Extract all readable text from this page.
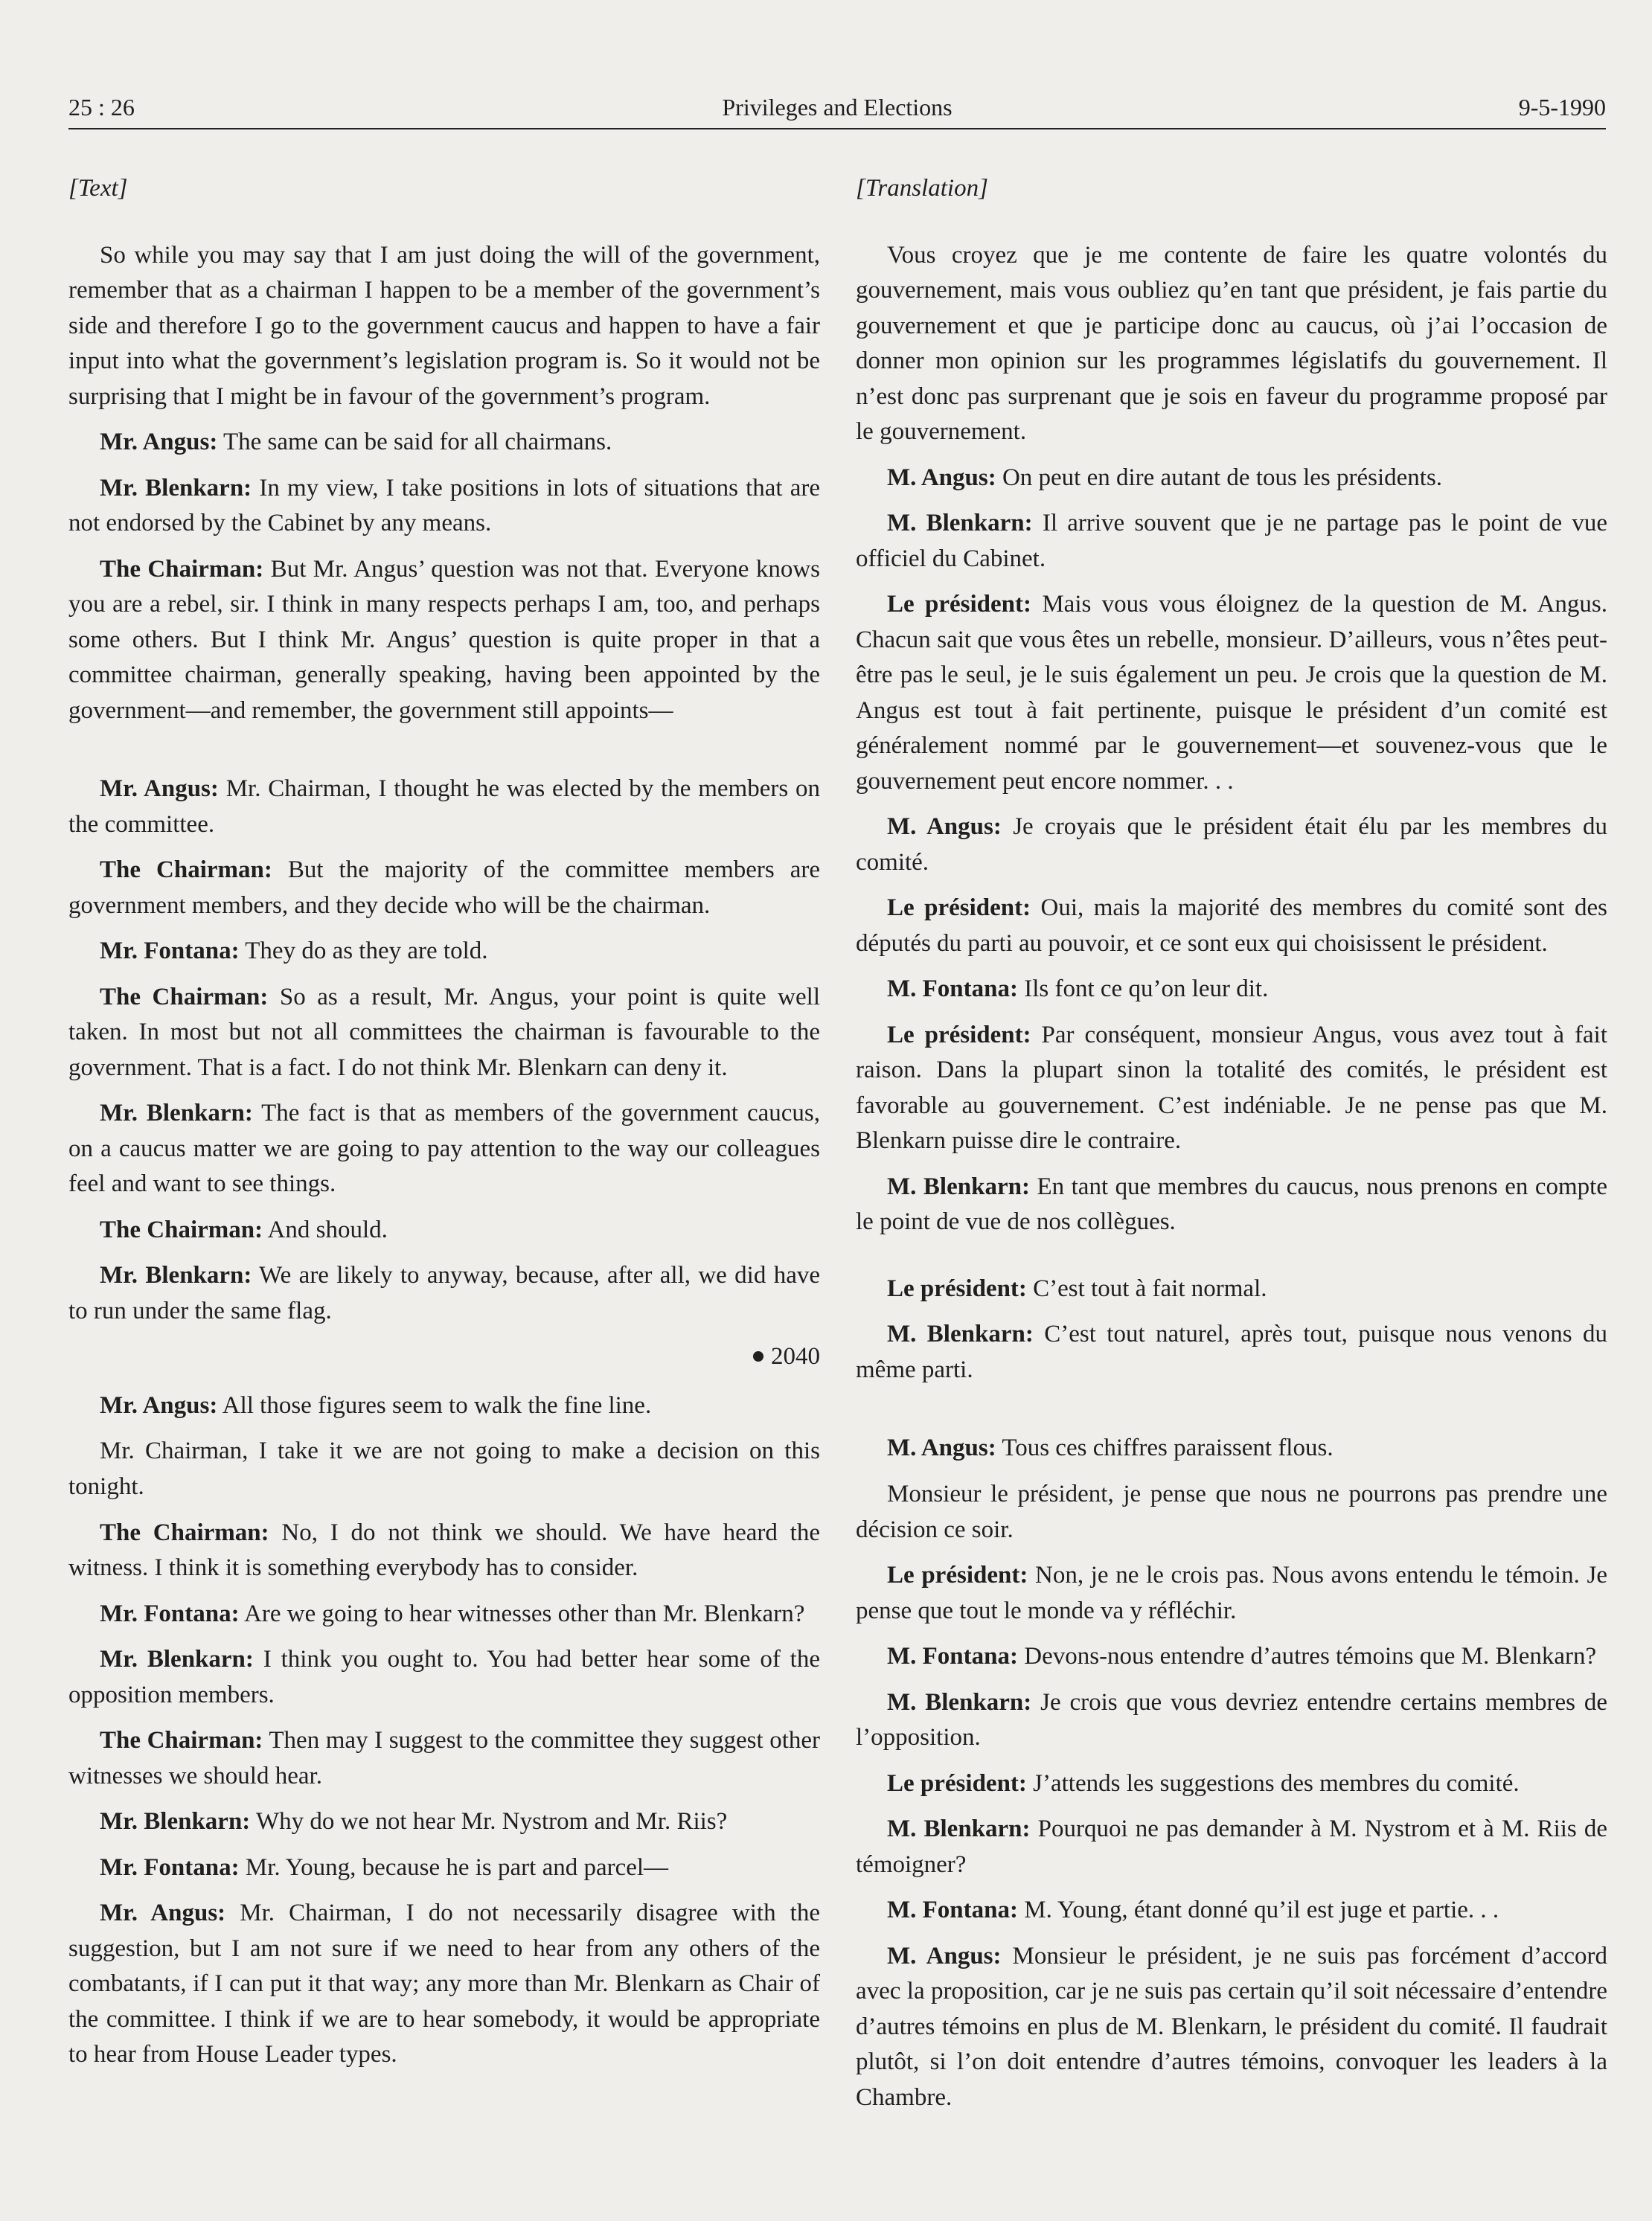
25 : 26	Privileges and Elections	9-5-1990
[Text]

So while you may say that I am just doing the will of the government, remember that as a chairman I happen to be a member of the government’s side and therefore I go to the government caucus and happen to have a fair input into what the government’s legislation program is. So it would not be surprising that I might be in favour of the government’s program.

Mr. Angus: The same can be said for all chairmans.

Mr. Blenkarn: In my view, I take positions in lots of situations that are not endorsed by the Cabinet by any means.

The Chairman: But Mr. Angus’ question was not that. Everyone knows you are a rebel, sir. I think in many respects perhaps I am, too, and perhaps some others. But I think Mr. Angus’ question is quite proper in that a committee chairman, generally speaking, having been appointed by the government—and remember, the government still appoints—

Mr. Angus: Mr. Chairman, I thought he was elected by the members on the committee.

The Chairman: But the majority of the committee members are government members, and they decide who will be the chairman.

Mr. Fontana: They do as they are told.

The Chairman: So as a result, Mr. Angus, your point is quite well taken. In most but not all committees the chairman is favourable to the government. That is a fact. I do not think Mr. Blenkarn can deny it.

Mr. Blenkarn: The fact is that as members of the government caucus, on a caucus matter we are going to pay attention to the way our colleagues feel and want to see things.

The Chairman: And should.

Mr. Blenkarn: We are likely to anyway, because, after all, we did have to run under the same flag.

2040

Mr. Angus: All those figures seem to walk the fine line.

Mr. Chairman, I take it we are not going to make a decision on this tonight.

The Chairman: No, I do not think we should. We have heard the witness. I think it is something everybody has to consider.

Mr. Fontana: Are we going to hear witnesses other than Mr. Blenkarn?

Mr. Blenkarn: I think you ought to. You had better hear some of the opposition members.

The Chairman: Then may I suggest to the committee they suggest other witnesses we should hear.

Mr. Blenkarn: Why do we not hear Mr. Nystrom and Mr. Riis?

Mr. Fontana: Mr. Young, because he is part and parcel—

Mr. Angus: Mr. Chairman, I do not necessarily disagree with the suggestion, but I am not sure if we need to hear from any others of the combatants, if I can put it that way; any more than Mr. Blenkarn as Chair of the committee. I think if we are to hear somebody, it would be appropriate to hear from House Leader types.

[Translation]

Vous croyez que je me contente de faire les quatre volontés du gouvernement, mais vous oubliez qu’en tant que président, je fais partie du gouvernement et que je participe donc au caucus, où j’ai l’occasion de donner mon opinion sur les programmes législatifs du gouvernement. Il n’est donc pas surprenant que je sois en faveur du programme proposé par le gouvernement.

M. Angus: On peut en dire autant de tous les présidents.

M. Blenkarn: Il arrive souvent que je ne partage pas le point de vue officiel du Cabinet.

Le président: Mais vous vous éloignez de la question de M. Angus. Chacun sait que vous êtes un rebelle, monsieur. D’ailleurs, vous n’êtes peut-être pas le seul, je le suis également un peu. Je crois que la question de M. Angus est tout à fait pertinente, puisque le président d’un comité est généralement nommé par le gouvernement—et souvenez-vous que le gouvernement peut encore nommer. . .

M. Angus: Je croyais que le président était élu par les membres du comité.

Le président: Oui, mais la majorité des membres du comité sont des députés du parti au pouvoir, et ce sont eux qui choisissent le président.

M. Fontana: Ils font ce qu’on leur dit.

Le président: Par conséquent, monsieur Angus, vous avez tout à fait raison. Dans la plupart sinon la totalité des comités, le président est favorable au gouvernement. C’est indéniable. Je ne pense pas que M. Blenkarn puisse dire le contraire.

M. Blenkarn: En tant que membres du caucus, nous prenons en compte le point de vue de nos collègues.

Le président: C’est tout à fait normal.

M. Blenkarn: C’est tout naturel, après tout, puisque nous venons du même parti.

M. Angus: Tous ces chiffres paraissent flous.

Monsieur le président, je pense que nous ne pourrons pas prendre une décision ce soir.

Le président: Non, je ne le crois pas. Nous avons entendu le témoin. Je pense que tout le monde va y réfléchir.

M. Fontana: Devons-nous entendre d’autres témoins que M. Blenkarn?

M. Blenkarn: Je crois que vous devriez entendre certains membres de l’opposition.

Le président: J’attends les suggestions des membres du comité.

M. Blenkarn: Pourquoi ne pas demander à M. Nystrom et à M. Riis de témoigner?

M. Fontana: M. Young, étant donné qu’il est juge et partie. . .

M. Angus: Monsieur le président, je ne suis pas forcément d’accord avec la proposition, car je ne suis pas certain qu’il soit nécessaire d’entendre d’autres témoins en plus de M. Blenkarn, le président du comité. Il faudrait plutôt, si l’on doit entendre d’autres témoins, convoquer les leaders à la Chambre.
